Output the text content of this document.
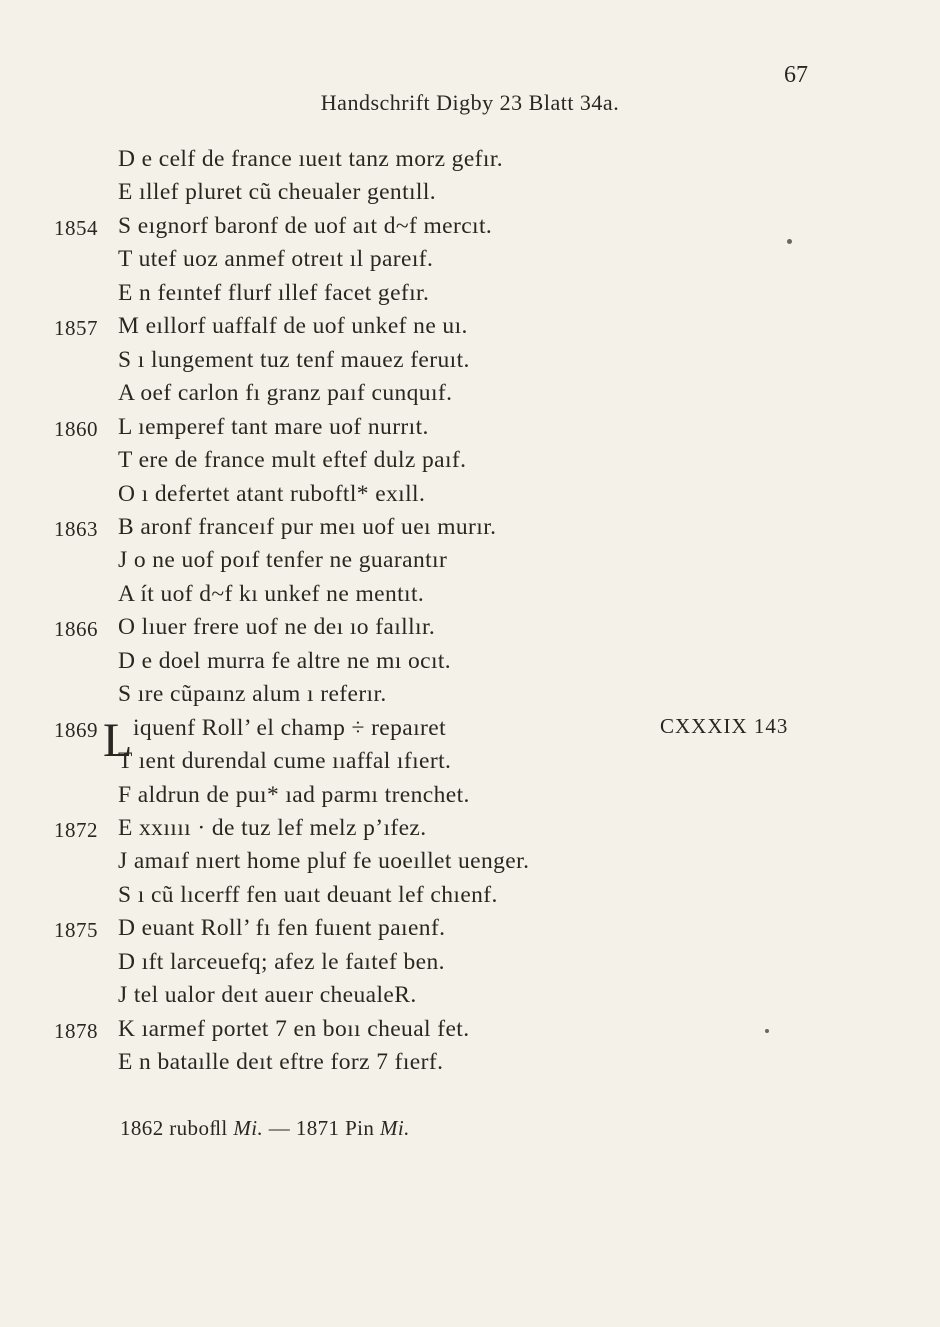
67
Handschrift Digby 23 Blatt 34a.
D e celf de france ıueıt tanz morz gefır.
E ıllef pluret cũ cheualer gentıll.
1854 S eıgnorf baronf de uof aıt d~f mercıt.
T utef uoz anmef otreıt ıl pareıf.
E n feıntef flurf ıllef facet gefır.
1857 M eıllorf uaffalf de uof unkef ne uı.
S ı lungement tuz tenf mauez feruıt.
A oef carlon fı granz paıf cunquıf.
1860 L ıemperef tant mare uof nurrıt.
T ere de france mult eftef dulz paıf.
O ı defertet atant ruboftl* exıll.
1863 B aronf franceıf pur meı uof ueı murır.
J o ne uof poıf tenfer ne guarantır
A ít uof d~f kı unkef ne mentıt.
1866 O lıuer frere uof ne deı ıo faıllır.
D e doel murra fe altre ne mı ocıt.
S ıre cũpaınz alum ı referır.
1869	iquenf Roll’ el champ ÷ repaıret
T ıent durendal cume ııaffal ıfıert.
F aldrun de puı* ıad parmı trenchet.
1872 E xxıııı · de tuz lef melz p’ıfez.
J amaıf nıert home pluf fe uoeıllet uenger.
S ı cũ lıcerff fen uaıt deuant lef chıenf.
1875 D euant Roll’ fı fen fuıent paıenf.
D ıft larceuefq; afez le faıtef ben.
J tel ualor deıt aueır cheualeR.
1878 K ıarmef portet 7 en boıı cheual fet.
E n bataılle deıt eftre forz 7 fıerf.
L	CXXXIX 143
1862 ruboﬂl Mi. — 1871 Pin Mi.
